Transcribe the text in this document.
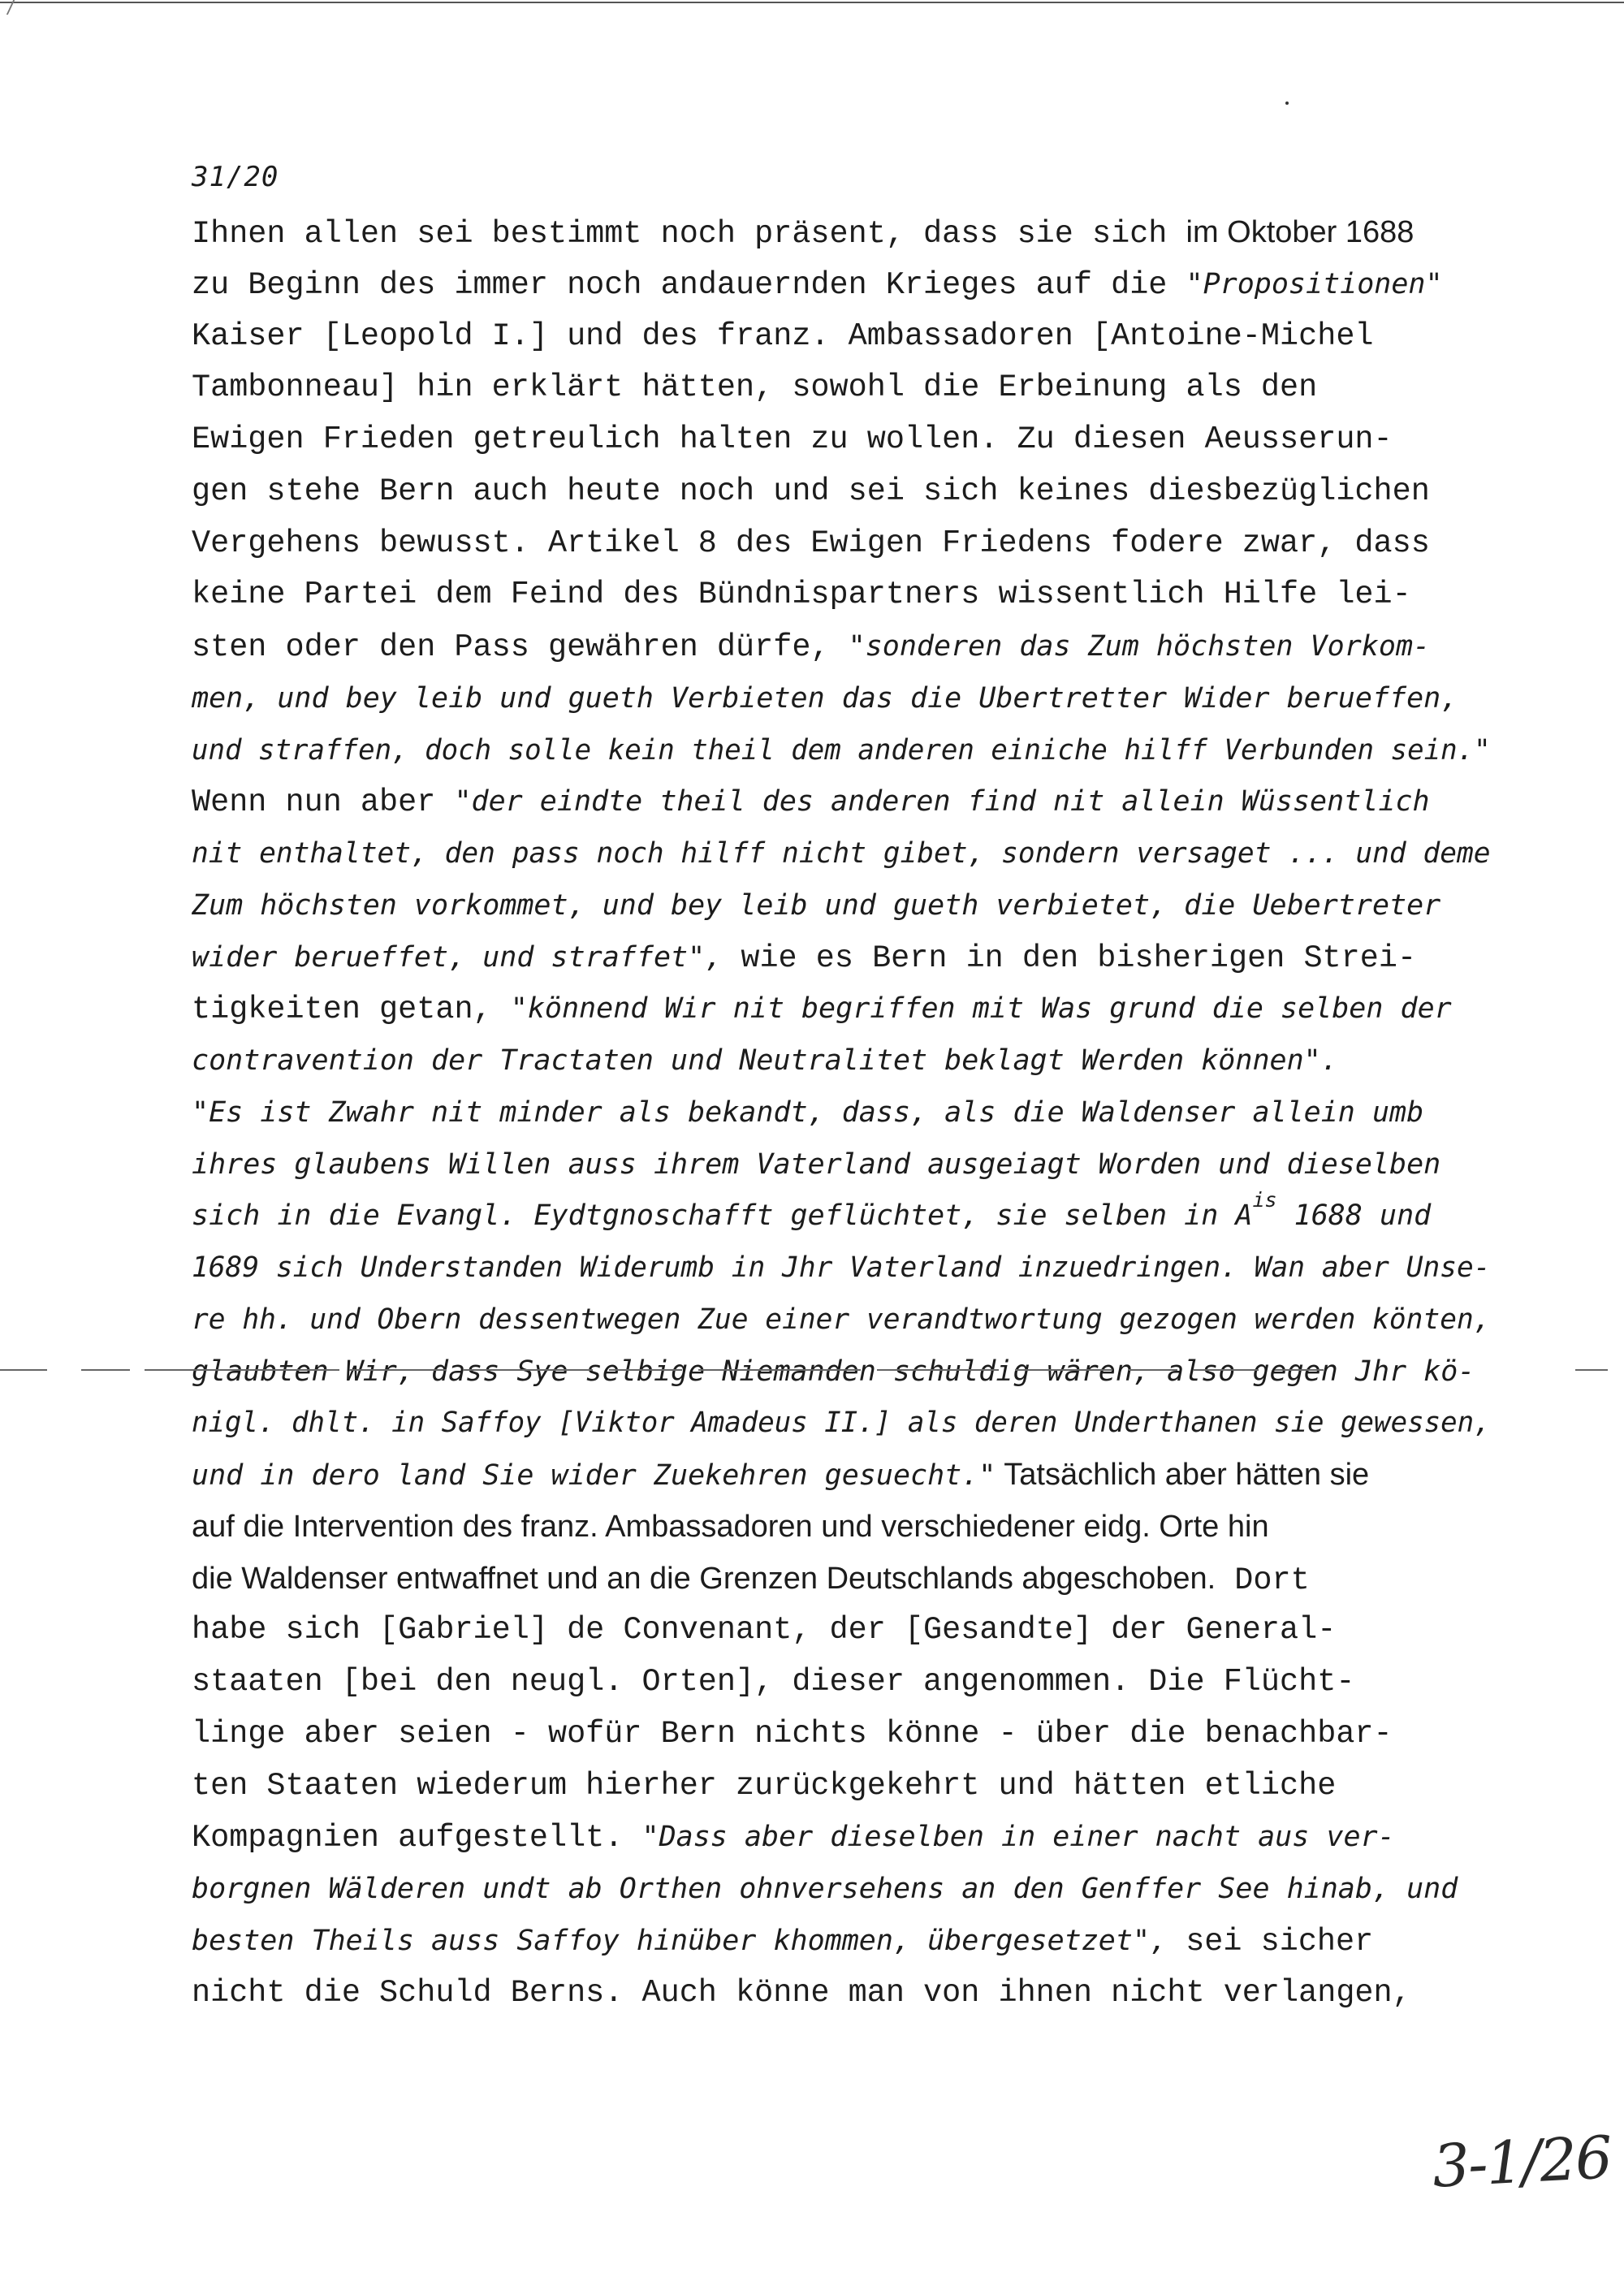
31/20
Ihnen allen sei bestimmt noch präsent, dass sie sich im Oktober 1688
zu Beginn des immer noch andauernden Krieges auf die "Propositionen"
Kaiser [Leopold I.] und des franz. Ambassadoren [Antoine-Michel
Tambonneau] hin erklärt hätten, sowohl die Erbeinung als den
Ewigen Frieden getreulich halten zu wollen. Zu diesen Aeusserun-
gen stehe Bern auch heute noch und sei sich keines diesbezüglichen
Vergehens bewusst. Artikel 8 des Ewigen Friedens fodere zwar, dass
keine Partei dem Feind des Bündnispartners wissentlich Hilfe lei-
sten oder den Pass gewähren dürfe, "sonderen das Zum höchsten Vorkom-
men, und bey leib und gueth Verbieten das die Ubertretter Wider berueffen,
und straffen, doch solle kein theil dem anderen einiche hilff Verbunden sein."
Wenn nun aber "der eindte theil des anderen find nit allein Wüssentlich
nit enthaltet, den pass noch hilff nicht gibet, sondern versaget ... und deme
Zum höchsten vorkommet, und bey leib und gueth verbietet, die Uebertreter
wider berueffet, und straffet", wie es Bern in den bisherigen Strei-
tigkeiten getan, "könnend Wir nit begriffen mit Was grund die selben der
contravention der Tractaten und Neutralitet beklagt Werden können".
"Es ist Zwahr nit minder als bekandt, dass, als die Waldenser allein umb
ihres glaubens Willen auss ihrem Vaterland ausgeiagt Worden und dieselben
sich in die Evangl. Eydtgnoschafft geflüchtet, sie selben in $A^{is}$ 1688 und
1689 sich Understanden Widerumb in Jhr Vaterland inzuedringen. Wan aber Unse-
re hh. und Obern dessentwegen Zue einer verandtwortung gezogen werden könten,
glaubten Wir, dass Sye selbige Niemanden schuldig wären, also gegen Jhr kö-
nigl. dhlt. in Saffoy [Viktor Amadeus II.] als deren Underthanen sie gewessen,
und in dero land Sie wider Zuekehren gesuecht." Tatsächlich aber hätten sie
auf die Intervention des franz. Ambassadoren und verschiedener eidg. Orte hin
die Waldenser entwaffnet und an die Grenzen Deutschlands abgeschoben. Dort
habe sich [Gabriel] de Convenant, der [Gesandte] der General-
staaten [bei den neugl. Orten], dieser angenommen. Die Flücht-
linge aber seien - wofür Bern nichts könne - über die benachbar-
ten Staaten wiederum hierher zurückgekehrt und hätten etliche
Kompagnien aufgestellt. "Dass aber dieselben in einer nacht aus ver-
borgnen Wälderen undt ab Orthen ohnversehens an den Genffer See hinab, und
besten Theils auss Saffoy hinüber khommen, übergesetzet", sei sicher
nicht die Schuld Berns. Auch könne man von ihnen nicht verlangen,
3-1/26
